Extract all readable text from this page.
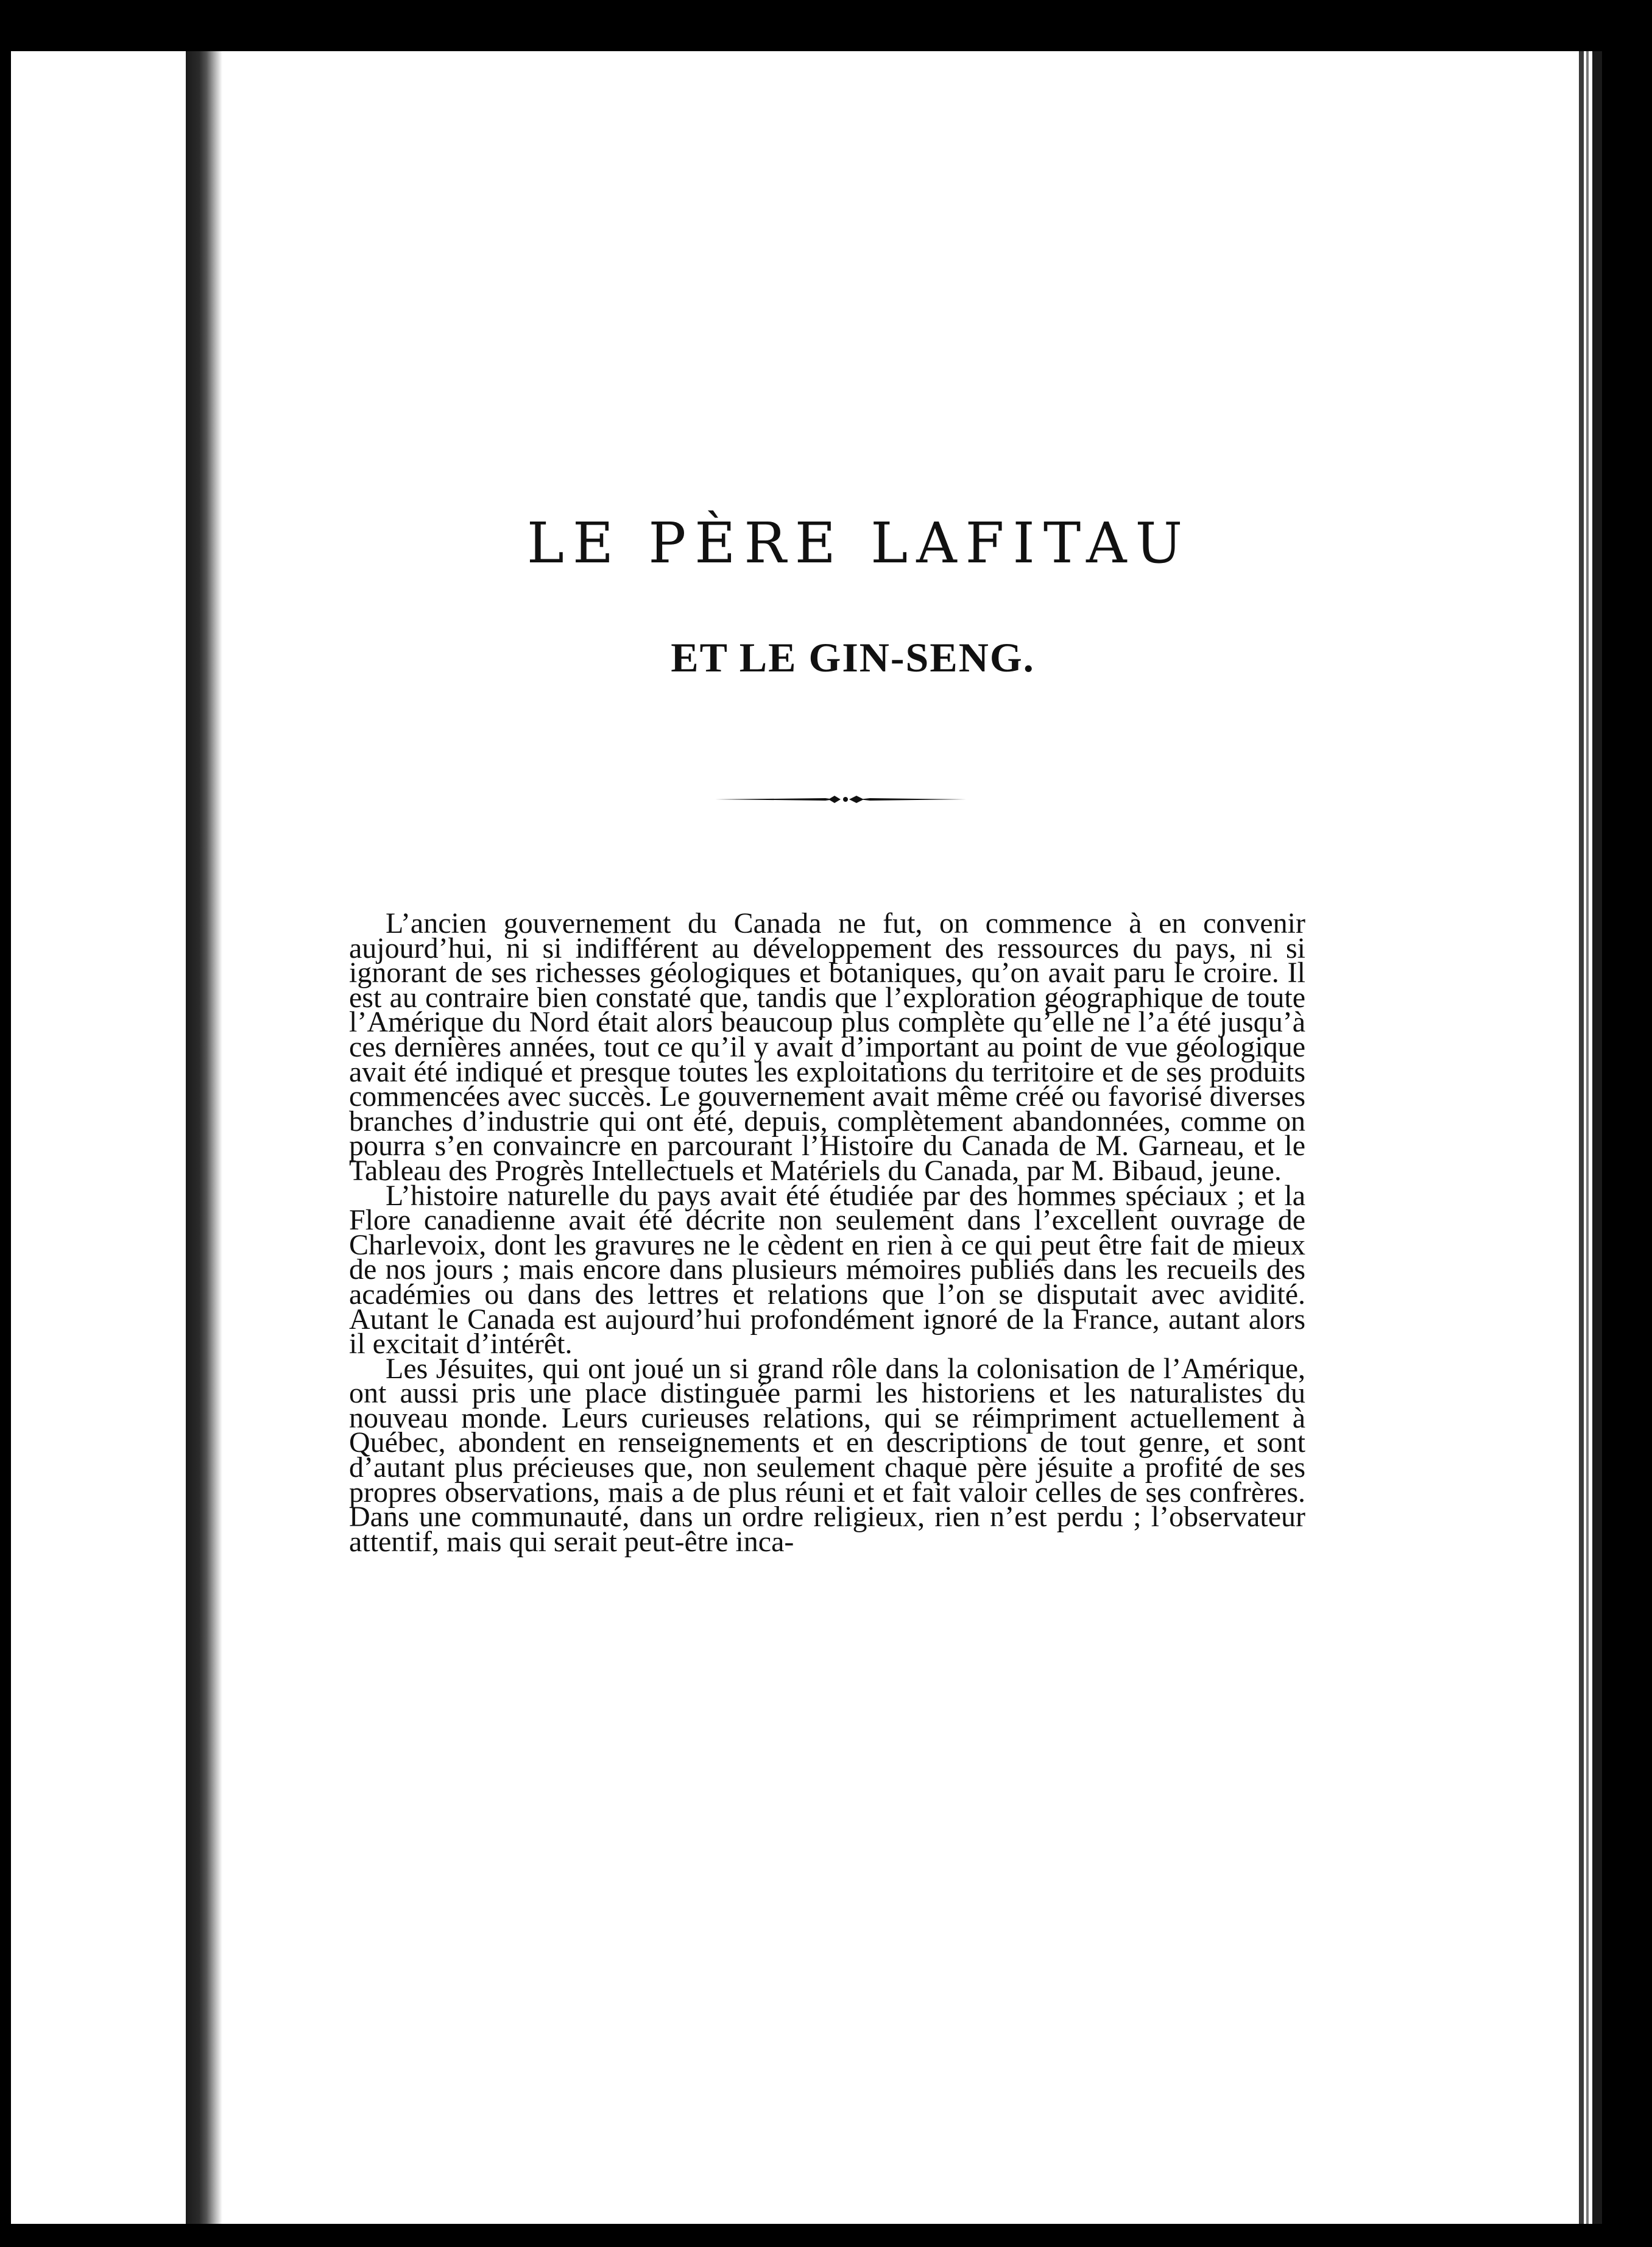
LE PÈRE LAFITAU
ET LE GIN-SENG.

L’ancien gouvernement du Canada ne fut, on commence à en convenir aujourd’hui, ni si indifférent au développement des ressources du pays, ni si ignorant de ses richesses géologiques et botaniques, qu’on avait paru le croire. Il est au contraire bien constaté que, tandis que l’exploration géographique de toute l’Amérique du Nord était alors beaucoup plus complète qu’elle ne l’a été jusqu’à ces dernières années, tout ce qu’il y avait d’important au point de vue géologique avait été indiqué et presque toutes les exploitations du territoire et de ses produits commencées avec succès. Le gouvernement avait même créé ou favorisé diverses branches d’industrie qui ont été, depuis, complètement abandonnées, comme on pourra s’en convaincre en parcourant l’Histoire du Canada de M. Garneau, et le Tableau des Progrès Intellectuels et Matériels du Canada, par M. Bibaud, jeune.

L’histoire naturelle du pays avait été étudiée par des hommes spéciaux ; et la Flore canadienne avait été décrite non seulement dans l’excellent ouvrage de Charlevoix, dont les gravures ne le cèdent en rien à ce qui peut être fait de mieux de nos jours ; mais encore dans plusieurs mémoires publiés dans les recueils des académies ou dans des lettres et relations que l’on se disputait avec avidité. Autant le Canada est aujourd’hui profondément ignoré de la France, autant alors il excitait d’intérêt.

Les Jésuites, qui ont joué un si grand rôle dans la colonisation de l’Amérique, ont aussi pris une place distinguée parmi les historiens et les naturalistes du nouveau monde. Leurs curieuses relations, qui se réimpriment actuellement à Québec, abondent en renseignements et en descriptions de tout genre, et sont d’autant plus précieuses que, non seulement chaque père jésuite a profité de ses propres observations, mais a de plus réuni et et fait valoir celles de ses confrères. Dans une communauté, dans un ordre religieux, rien n’est perdu ; l’observateur attentif, mais qui serait peut-être inca-
